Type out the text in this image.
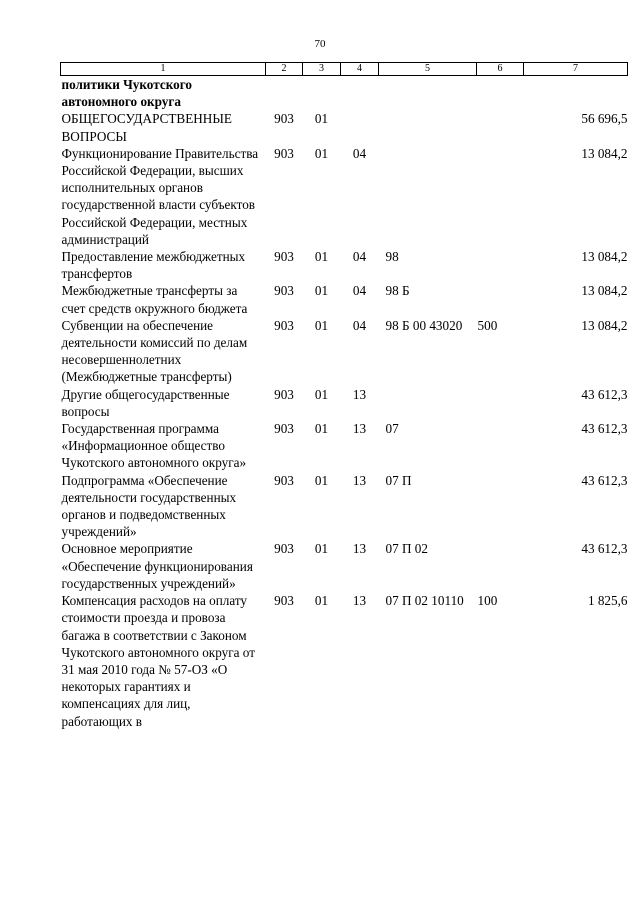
70
1	2	3	4	5	6	7
политики Чукотского автономного округа						
ОБЩЕГОСУДАРСТВЕННЫЕ ВОПРОСЫ	903	01				56 696,5
Функционирование Правительства Российской Федерации, высших исполнительных органов государственной власти субъектов Российской Федерации, местных администраций	903	01	04			13 084,2
Предоставление межбюджетных трансфертов	903	01	04	98		13 084,2
Межбюджетные трансферты за счет средств окружного бюджета	903	01	04	98 Б		13 084,2
Субвенции на обеспечение деятельности комиссий по делам несовершеннолетних (Межбюджетные трансферты)	903	01	04	98 Б 00 43020	500	13 084,2
Другие общегосударственные вопросы	903	01	13			43 612,3
Государственная программа «Информационное общество Чукотского автономного округа»	903	01	13	07		43 612,3
Подпрограмма «Обеспечение деятельности государственных органов и подведомственных учреждений»	903	01	13	07 П		43 612,3
Основное мероприятие «Обеспечение функционирования государственных учреждений»	903	01	13	07 П 02		43 612,3
Компенсация расходов на оплату стоимости проезда и провоза багажа в соответствии с Законом Чукотского автономного округа от 31 мая 2010 года № 57-ОЗ «О некоторых гарантиях и компенсациях для лиц, работающих в	903	01	13	07 П 02 10110	100	1 825,6
